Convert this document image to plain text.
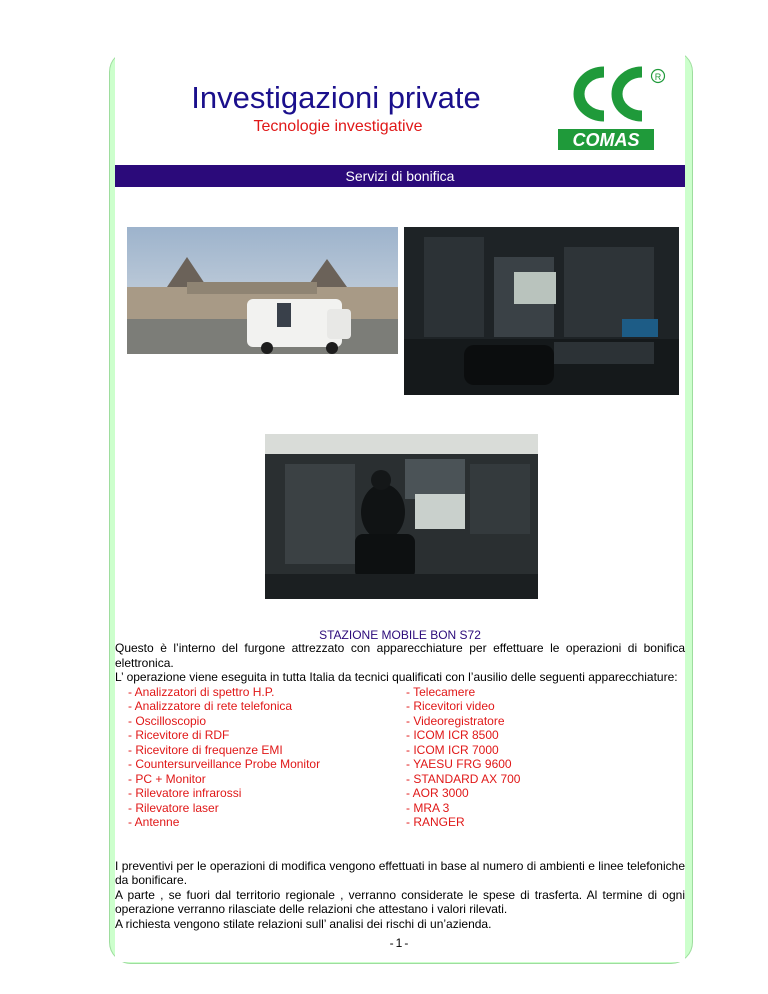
Investigazioni private
Tecnologie investigative
COMAS
R
Servizi di bonifica
STAZIONE MOBILE BON S72

Questo è l’interno del furgone attrezzato con apparecchiature per effettuare le operazioni di bonifica elettronica.

L’ operazione viene eseguita in tutta Italia da tecnici qualificati con l’ausilio delle seguenti apparecchiature:

- Analizzatori di spettro H.P.
- Analizzatore di rete telefonica
- Oscilloscopio
- Ricevitore di RDF
- Ricevitore di frequenze EMI
- Countersurveillance Probe Monitor
- PC + Monitor
- Rilevatore infrarossi
- Rilevatore laser
- Antenne
- Telecamere
- Ricevitori video
- Videoregistratore
- ICOM ICR 8500
- ICOM ICR 7000
- YAESU FRG 9600
- STANDARD AX 700
- AOR 3000
- MRA 3
- RANGER

I preventivi per le operazioni di modifica vengono effettuati in base al numero di ambienti e linee telefoniche da bonificare.

A parte , se fuori dal territorio regionale , verranno considerate le spese di trasferta. Al termine di ogni operazione verranno rilasciate delle relazioni che attestano i valori rilevati.

A richiesta vengono stilate relazioni sull’ analisi dei rischi di un’azienda.

-1-
